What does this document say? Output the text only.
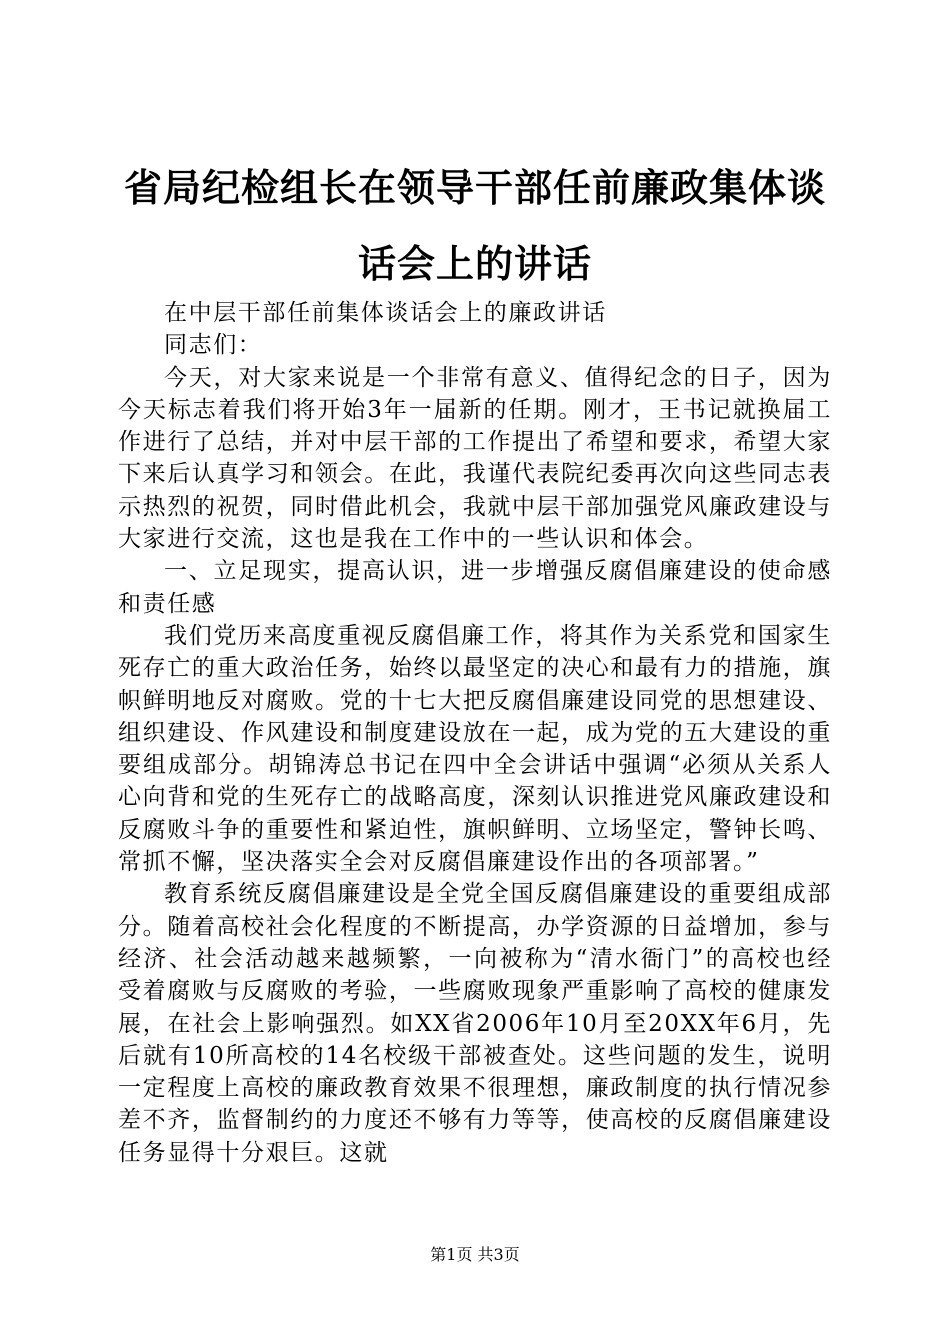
省局纪检组长在领导干部任前廉政集体谈话会上的讲话

在中层干部任前集体谈话会上的廉政讲话

同志们：

今天，对大家来说是一个非常有意义、值得纪念的日子，因为今天标志着我们将开始3年一届新的任期。刚才，王书记就换届工作进行了总结，并对中层干部的工作提出了希望和要求，希望大家下来后认真学习和领会。在此，我谨代表院纪委再次向这些同志表示热烈的祝贺，同时借此机会，我就中层干部加强党风廉政建设与大家进行交流，这也是我在工作中的一些认识和体会。

一、立足现实，提高认识，进一步增强反腐倡廉建设的使命感和责任感

我们党历来高度重视反腐倡廉工作，将其作为关系党和国家生死存亡的重大政治任务，始终以最坚定的决心和最有力的措施，旗帜鲜明地反对腐败。党的十七大把反腐倡廉建设同党的思想建设、组织建设、作风建设和制度建设放在一起，成为党的五大建设的重要组成部分。胡锦涛总书记在四中全会讲话中强调“必须从关系人心向背和党的生死存亡的战略高度，深刻认识推进党风廉政建设和反腐败斗争的重要性和紧迫性，旗帜鲜明、立场坚定，警钟长鸣、常抓不懈，坚决落实全会对反腐倡廉建设作出的各项部署。”

教育系统反腐倡廉建设是全党全国反腐倡廉建设的重要组成部分。随着高校社会化程度的不断提高，办学资源的日益增加，参与经济、社会活动越来越频繁，一向被称为“清水衙门”的高校也经受着腐败与反腐败的考验，一些腐败现象严重影响了高校的健康发展，在社会上影响强烈。如XX省2006年10月至20XX年6月，先后就有10所高校的14名校级干部被查处。这些问题的发生，说明一定程度上高校的廉政教育效果不很理想，廉政制度的执行情况参差不齐，监督制约的力度还不够有力等等，使高校的反腐倡廉建设任务显得十分艰巨。这就

第1页 共3页
